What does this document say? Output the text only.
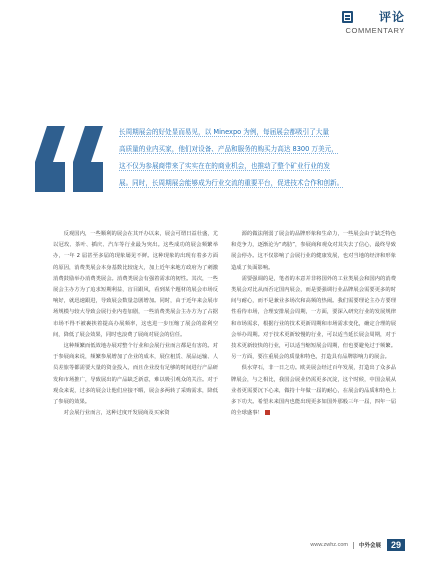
评论
COMMENTARY
长周期展会的好处显而易见，以 Minexpo 为例，每届展会都吸引了大量
高质量的业内买家，他们对设备、产品和服务的购买力高达 8300 万美元，
这不仅为参展商带来了实实在在的商业机会，也推动了整个矿业行业的发
展。同时，长周期展会能够成为行业交流的重要平台，促进技术合作和创新。

反观国内，一些顺利的展会在其开办以来，展会可谓日益壮盛，尤以冠玫、茶叶、插庆、汽车等行业最为突出。这些成功的展会频繁举办，一年 2 届甚至多届的现象屡见不鲜。这种现象的出现有着多方面的原因，消费类展会本身基数比较庞大，加上近年来地方政府为了刺激消费鼓励举办消费类展会。消费类展会有强着需求的韧性。其次，一些展会主办方为了追求短期利益，盲目跟风，看到某个题材的展会市场反响好，就迅速跟进，导致展会数量急剧增加。同时，由于近年来会展市场规模与较大导致会展行业内卷加剧，一些消费类展会主办方为了占据市场不得不被裹挟着提高办展频率，这也进一步压缩了展会的盈利空间，降低了展会效果，同时也浪费了展商对展会的信任。

这种频繁而低效地办展对整个行业和会展行业而言都是有害的。对于参展商来说，频繁参展增加了企业的成本，展位租赁、展品运输、人员差旅等都需要大量的资金投入，而且企业没有足够的时间进行产品研发和市场推广，导致展出的产品缺乏新意，难以吸引观众的关注。对于观众来说，过多的展会让他们应接不暇，展会多两转了采购需求，降低了参展的效果。

对会展行业而言，这种过度开发展商及买家资

源的做法削弱了展会的品牌形象和生命力，一些展会由于缺乏特色和竞争力，逐渐沦为“鸡肋”，参展商和观众对其失去了信心，最终导致展会停办。这不仅影响了会展行业的健康发展，也对当地的经济和形象造成了负面影响。

需要强调的是，笔者的本意并非将国外的工业类展会和国内的消费类展会对比从而否定国内展会，而是要强调行业品牌展会需要更多的时间与耐心，而不是兼业多场次和高频的热闹。我们需要理论主办方要理性看待市场，合理安排展会周期，一方面，要深入研究行业的发展规律和市场需求，根据行业的技术更新周期和市场需求变化，确定合理的展会举办周期。对于技术更新较慢的行业，可以适当延长展会周期，对于技术更新较快的行业，可以适当缩短展会周期，但也要避免过于频繁。另一方面，要注重展会的质量和特色，打造具有品牌影响力的展会。

俱水穿石，非一日之功。欧美展会经过百年发展，打造出了众多品牌展会，与之相比，我国会展业仍需更多沉淀，这个时候，中国会展从业者更需要沉下心来，做持十年做一届的耐心，在展会的品质和特色上多下功夫。希望未来国内也能出现更多如国外那般三年一届，四年一届的全球盛事！

www.zwhz.com 中外会展	29
